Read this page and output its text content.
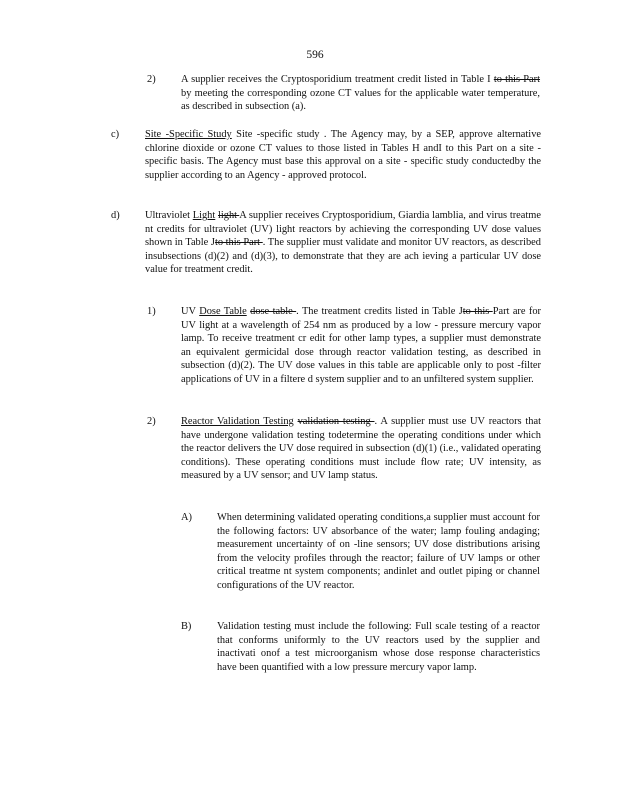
596
2) A supplier receives the Cryptosporidium treatment credit listed in Table I to this Part by meeting the corresponding ozone CT values for the applicable water temperature, as described in subsection (a).

c) Site -Specific Study Site -specific study . The Agency may, by a SEP, approve alternative chlorine dioxide or ozone CT values to those listed in Tables H andI to this Part on a site - specific basis. The Agency must base this approval on a site - specific study conductedby the supplier according to an Agency - approved protocol.

d) Ultraviolet Light light A supplier receives Cryptosporidium, Giardia lamblia, and virus treatme nt credits for ultraviolet (UV) light reactors by achieving the corresponding UV dose values shown in Table Jto this Part . The supplier must validate and monitor UV reactors, as described insubsections (d)(2) and (d)(3), to demonstrate that they are ach ieving a particular UV dose value for treatment credit.

1) UV Dose Table dose table . The treatment credits listed in Table Jto this Part are for UV light at a wavelength of 254 nm as produced by a low - pressure mercury vapor lamp. To receive treatment cr edit for other lamp types, a supplier must demonstrate an equivalent germicidal dose through reactor validation testing, as described in subsection (d)(2). The UV dose values in this table are applicable only to post -filter applications of UV in a filtere d system supplier and to an unfiltered system supplier.

2) Reactor Validation Testing validation testing . A supplier must use UV reactors that have undergone validation testing todetermine the operating conditions under which the reactor delivers the UV dose required in subsection (d)(1) (i.e., validated operating conditions). These operating conditions must include flow rate; UV intensity, as measured by a UV sensor; and UV lamp status.

A) When determining validated operating conditions,a supplier must account for the following factors: UV absorbance of the water; lamp fouling andaging; measurement uncertainty of on -line sensors; UV dose distributions arising from the velocity profiles through the reactor; failure of UV lamps or other critical treatme nt system components; andinlet and outlet piping or channel configurations of the UV reactor.

B) Validation testing must include the following: Full scale testing of a reactor that conforms uniformly to the UV reactors used by the supplier and inactivati onof a test microorganism whose dose response characteristics have been quantified with a low pressure mercury vapor lamp.
